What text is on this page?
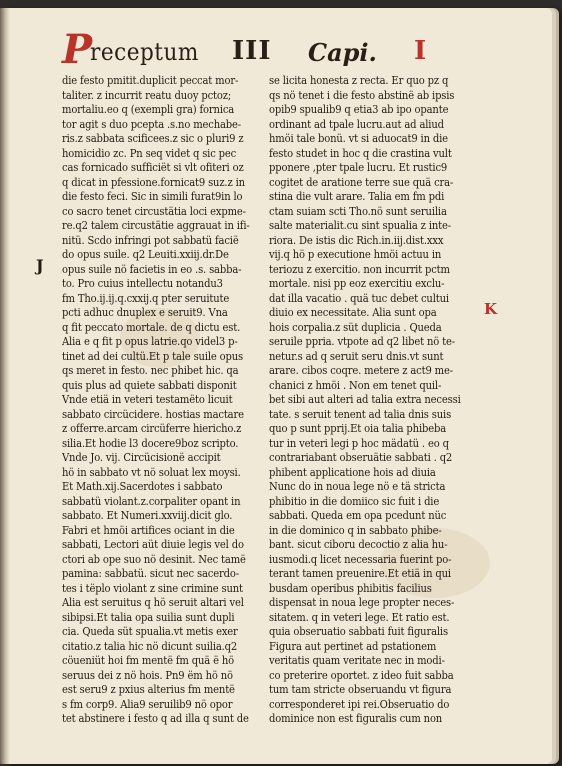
P
receptum III Capi. I
J
K
die festo pmitit.duplicit peccat mor-
taliter. z incurrit reatu duoy pctoz;
mortaliu.eo q (exempli gra) fornica
tor agit s duo pcepta .s.no mechabe-
ris.z sabbata scificees.z sic o pluri9 z
homicidio zc. Pn seq videt q sic pec
cas fornicado sufficiët si vlt ofiteri oz
q dicat in pfessione.fornicat9 suz.z in
die festo feci. Sic in simili furat9in lo
co sacro tenet circustätia loci expme-
re.q2 talem circustätie aggrauat in ifi-
nitü. Scdo infringi pot sabbatü facië
do opus suile. q2 Leuiti.xxiij.dr.De
opus suile nö facietis in eo .s. sabba-
to. Pro cuius intellectu notandu3
fm Tho.ij.ij.q.cxxij.q pter seruitute
pcti adhuc dnuplex e seruit9. Vna
q fit peccato mortale. de q dictu est.
Alia e q fit p opus latrie.qo videl3 p-
tinet ad dei cultü.Et p tale suile opus
qs meret in festo. nec phibet hic. qa
quis plus ad quiete sabbati disponit
Vnde etiä in veteri testamëto licuit
sabbato circücidere. hostias mactare
z offerre.arcam circüferre hiericho.z
silia.Et hodie l3 docere9boz scripto.
Vnde Jo. vij. Circücisionë accipit
hö in sabbato vt nö soluat lex moysi.
Et Math.xij.Sacerdotes i sabbato
sabbatü violant.z.corpaliter opant in
sabbato. Et Numeri.xxviij.dicit glo.
Fabri et hmöi artifices ociant in die
sabbati, Lectori aüt diuie legis vel do
ctori ab ope suo nö desinit. Nec tamë
pamina: sabbatü. sicut nec sacerdo-
tes i tëplo violant z sine crimine sunt
Alia est seruitus q hö seruit altari vel
sibipsi.Et talia opa suilia sunt dupli
cia. Queda süt spualia.vt metis exer
citatio.z talia hic nö dicunt suilia.q2
cöueniüt hoi fm mentë fm quä ë hö
seruus dei z nö hois. Pn9 ëm hö nö
est seru9 z pxius alterius fm mentë
s fm corp9. Alia9 seruilib9 nö opor
tet abstinere i festo q ad illa q sunt de
se licita honesta z recta. Er quo pz q
qs nö tenet i die festo abstinë ab ipsis
opib9 spualib9 q etia3 ab ipo opante
ordinant ad tpale lucru.aut ad aliud
hmöi tale bonü. vt si aduocat9 in die
festo studet in hoc q die crastina vult
pponere ,pter tpale lucru. Et rustic9
cogitet de aratione terre sue quä cra-
stina die vult arare. Talia em fm pdi
ctam suiam scti Tho.nö sunt seruilia
salte materialit.cu sint spualia z inte-
riora. De istis dic Rich.in.iij.dist.xxx
vij.q hö p executione hmöi actuu in
teriozu z exercitio. non incurrit pctm
mortale. nisi pp eoz exercitiu exclu-
dat illa vacatio . quä tuc debet cultui
diuio ex necessitate. Alia sunt opa
hois corpalia.z süt duplicia . Queda
seruile ppria. vtpote ad q2 libet nö te-
netur.s ad q seruit seru dnis.vt sunt
arare. cibos coqre. metere z act9 me-
chanici z hmöi . Non em tenet quil-
bet sibi aut alteri ad talia extra necessi
tate. s seruit tenent ad talia dnis suis
quo p sunt pprij.Et oia talia phibeba
tur in veteri legi p hoc mädatü . eo q
contrariabant obseruätie sabbati . q2
phibent applicatione hois ad diuia
Nunc do in noua lege nö e tä stricta
phibitio in die domiico sic fuit i die
sabbati. Queda em opa pcedunt nüc
in die dominico q in sabbato phibe-
bant. sicut ciboru decoctio z alia hu-
iusmodi.q licet necessaria fuerint po-
terant tamen preuenire.Et etiä in qui
busdam operibus phibitis facilius
dispensat in noua lege propter neces-
sitatem. q in veteri lege. Et ratio est.
quia obseruatio sabbati fuit figuralis
Figura aut pertinet ad pstationem
veritatis quam veritate nec in modi-
co preterire oportet. z ideo fuit sabba
tum tam stricte obseruandu vt figura
corresponderet ipi rei.Obseruatio do
dominice non est figuralis cum non
